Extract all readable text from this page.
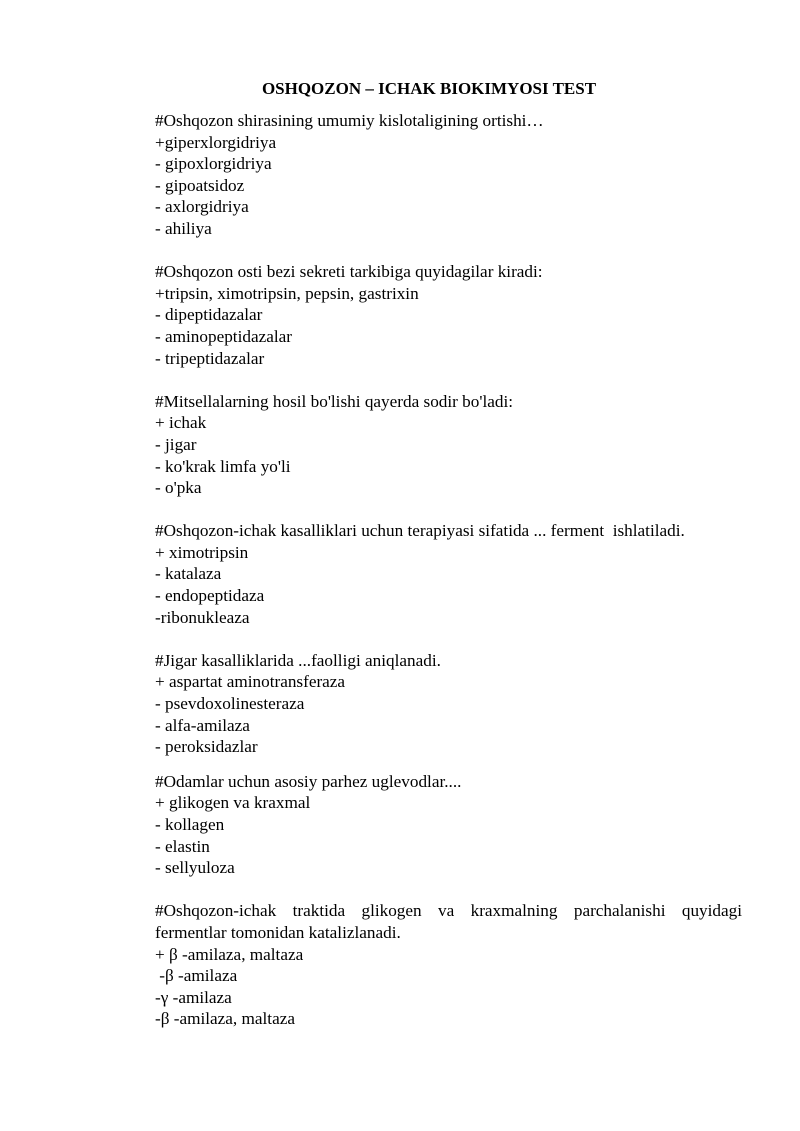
OSHQOZON – ICHAK BIOKIMYOSI TEST

#Oshqozon shirasining umumiy kislotaligining ortishi…

+giperxlorgidriya

- gipoxlorgidriya

- gipoatsidoz

- axlorgidriya

- ahiliya

#Oshqozon osti bezi sekreti tarkibiga quyidagilar kiradi:

+tripsin, ximotripsin, pepsin, gastrixin

- dipeptidazalar

- aminopeptidazalar

- tripeptidazalar

#Mitsellalarning hosil bo'lishi qayerda sodir bo'ladi:

+ ichak

- jigar

- ko'krak limfa yo'li

- o'pka

#Oshqozon-ichak kasalliklari uchun terapiyasi sifatida ... ferment  ishlatiladi.

+ ximotripsin

- katalaza

- endopeptidaza

-ribonukleaza

#Jigar kasalliklarida ...faolligi aniqlanadi.

+ aspartat aminotransferaza

- psevdoxolinesteraza

- alfa-amilaza

- peroksidazlar

#Odamlar uchun asosiy parhez uglevodlar....

+ glikogen va kraxmal

- kollagen

- elastin

- sellyuloza

#Oshqozon-ichak traktida glikogen va kraxmalning parchalanishi quyidagi fermentlar tomonidan katalizlanadi.

+ β -amilaza, maltaza

-β -amilaza

-γ -amilaza

-β -amilaza, maltaza
